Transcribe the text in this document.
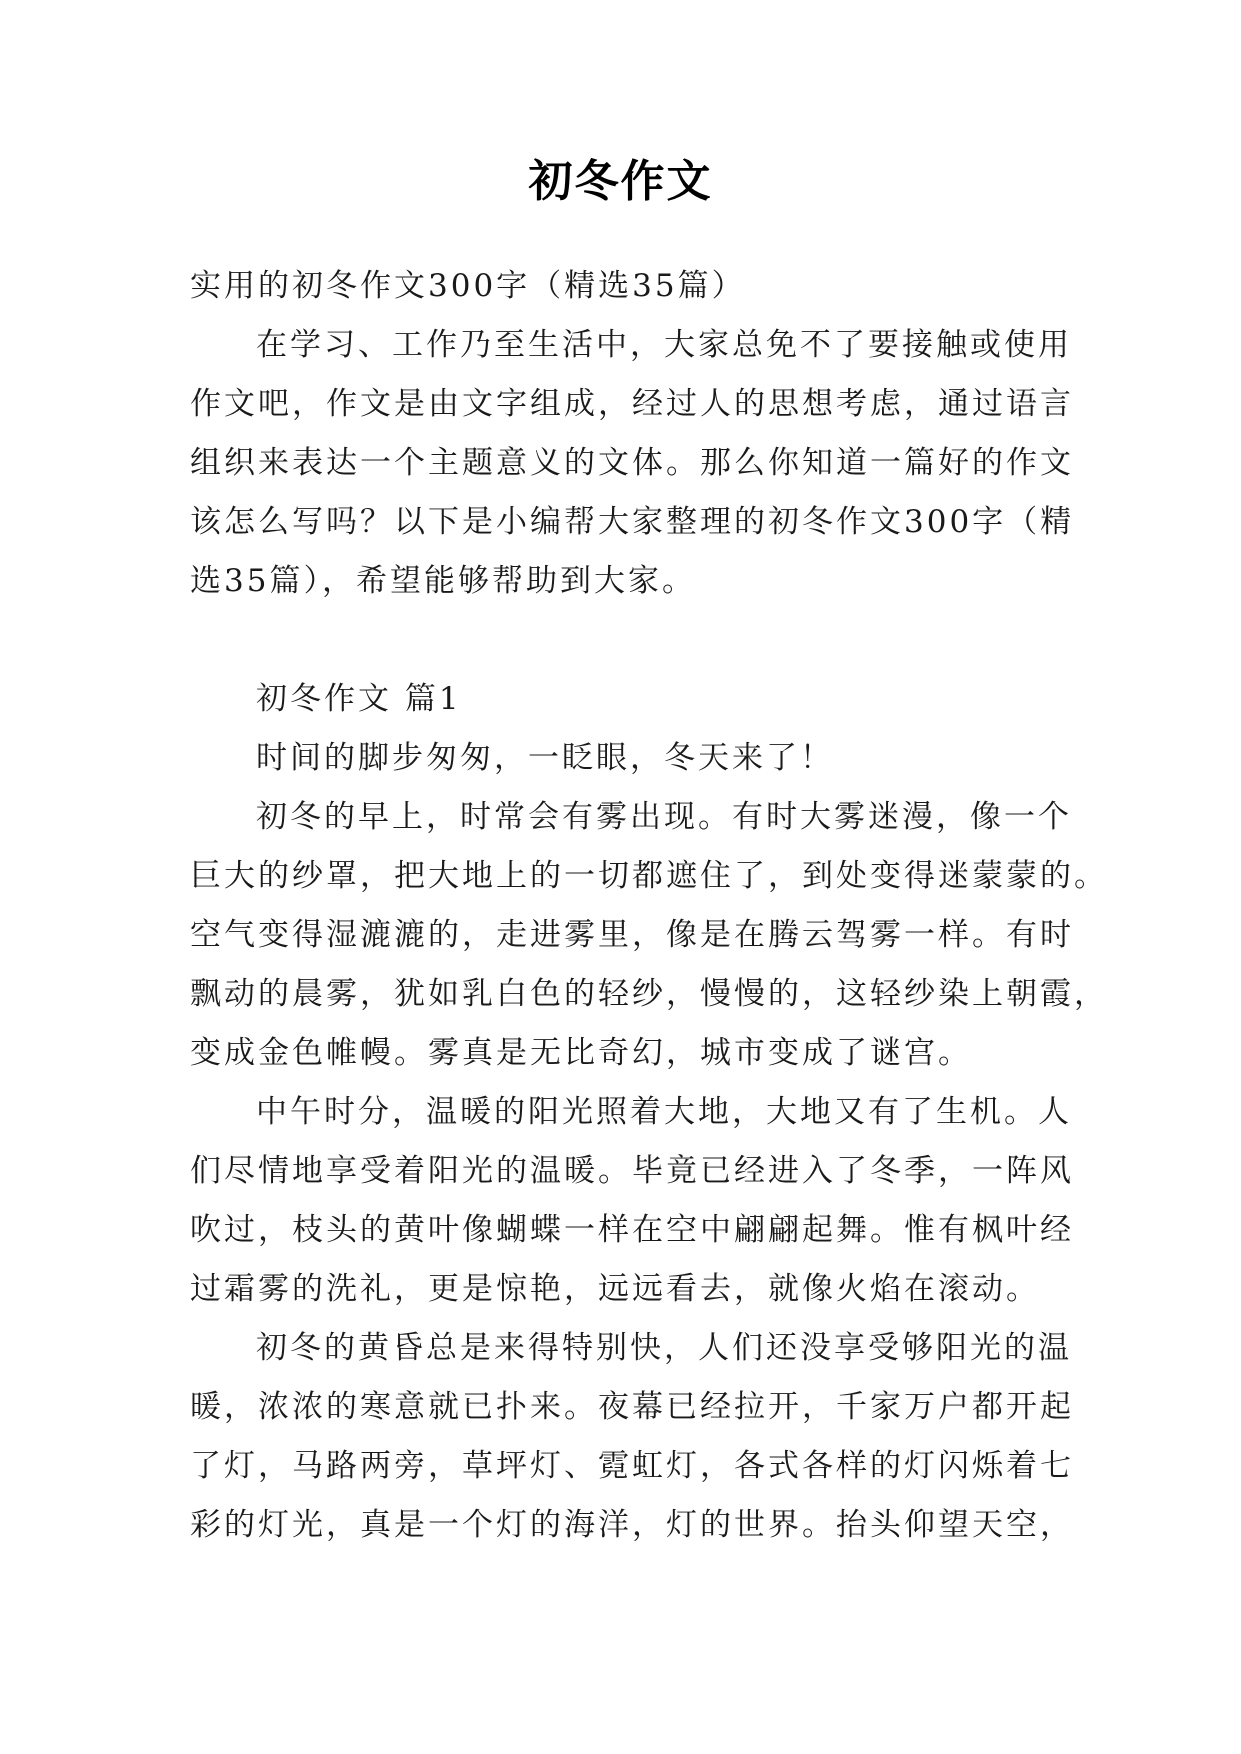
初冬作文

实用的初冬作文300字（精选35篇）

在学习、工作乃至生活中，大家总免不了要接触或使用

作文吧，作文是由文字组成，经过人的思想考虑，通过语言

组织来表达一个主题意义的文体。那么你知道一篇好的作文

该怎么写吗？以下是小编帮大家整理的初冬作文300字（精

选35篇），希望能够帮助到大家。

初冬作文 篇1

时间的脚步匆匆，一眨眼，冬天来了！

初冬的早上，时常会有雾出现。有时大雾迷漫，像一个

巨大的纱罩，把大地上的一切都遮住了，到处变得迷蒙蒙的。

空气变得湿漉漉的，走进雾里，像是在腾云驾雾一样。有时

飘动的晨雾，犹如乳白色的轻纱，慢慢的，这轻纱染上朝霞，

变成金色帷幔。雾真是无比奇幻，城市变成了谜宫。

中午时分，温暖的阳光照着大地，大地又有了生机。人

们尽情地享受着阳光的温暖。毕竟已经进入了冬季，一阵风

吹过，枝头的黄叶像蝴蝶一样在空中翩翩起舞。惟有枫叶经

过霜雾的洗礼，更是惊艳，远远看去，就像火焰在滚动。

初冬的黄昏总是来得特别快，人们还没享受够阳光的温

暖，浓浓的寒意就已扑来。夜幕已经拉开，千家万户都开起

了灯，马路两旁，草坪灯、霓虹灯，各式各样的灯闪烁着七

彩的灯光，真是一个灯的海洋，灯的世界。抬头仰望天空，
